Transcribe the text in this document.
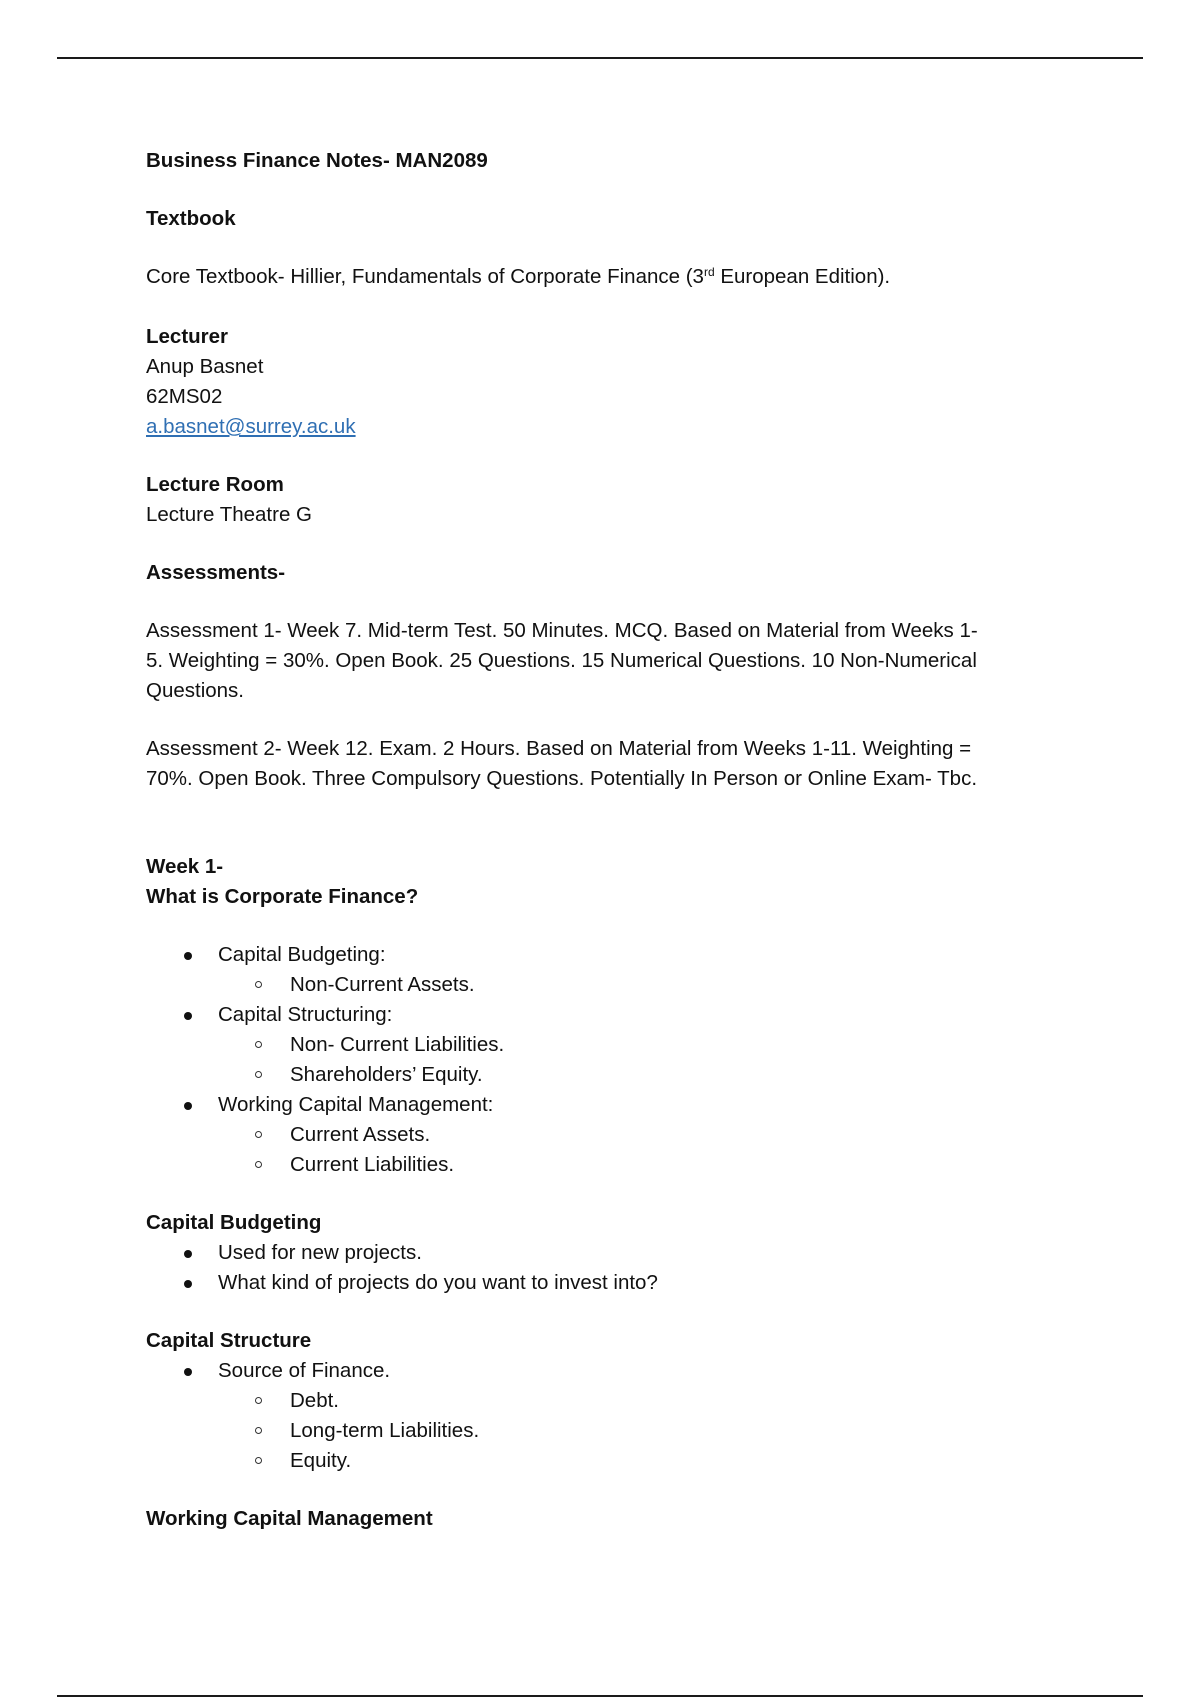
Business Finance Notes- MAN2089

Textbook

Core Textbook- Hillier, Fundamentals of Corporate Finance (3rd European Edition).

Lecturer

Anup Basnet

62MS02

a.basnet@surrey.ac.uk

Lecture Room

Lecture Theatre G

Assessments-

Assessment 1- Week 7. Mid-term Test. 50 Minutes. MCQ. Based on Material from Weeks 1-

5. Weighting = 30%. Open Book. 25 Questions. 15 Numerical Questions. 10 Non-Numerical

Questions.

Assessment 2- Week 12. Exam. 2 Hours. Based on Material from Weeks 1-11. Weighting =

70%. Open Book. Three Compulsory Questions. Potentially In Person or Online Exam- Tbc.

Week 1-

What is Corporate Finance?

Capital Budgeting:
Non-Current Assets.
Capital Structuring:
Non- Current Liabilities.
Shareholders’ Equity.
Working Capital Management:
Current Assets.
Current Liabilities.

Capital Budgeting

Used for new projects.
What kind of projects do you want to invest into?

Capital Structure

Source of Finance.
Debt.
Long-term Liabilities.
Equity.

Working Capital Management
